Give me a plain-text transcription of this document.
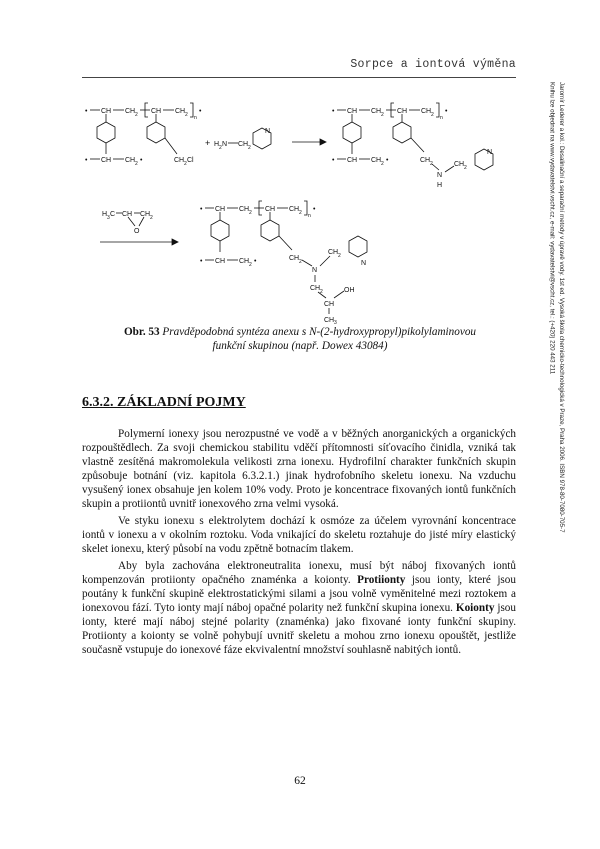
Sorpce a iontová výměna
Jaromír Lederer a kol.: Desalinační a separační metody v úpravě vody. 1st ed. Vysoká škola chemicko-technologická v Praze, Praha 2006. ISBN 978-80-7080-705-7
Knihu lze objednat na www.vydavatelstvi.vscht.cz, e-mail: vydavatelstvi@vscht.cz, tel.: (+420) 220 443 211
• CH CH 2 CH CH 2 n
•
CH 2 Cl
• CH CH 2 •
+ H 2 N CH 2
N
• CH CH 2 CH CH 2 n
•
CH 2
N
H
CH 2
N
• CH CH 2 •
H 3 C CH CH 2
O
• CH CH 2 CH CH 2 n
•
CH 2
N
CH 2
N
CH 2
CH
OH
CH 3
• CH CH 2 •
Obr. 53 Pravděpodobná syntéza anexu s N-(2-hydroxypropyl)pikolylaminovou
funkční skupinou (např. Dowex 43084)
6.3.2. ZÁKLADNÍ POJMY

Polymerní ionexy jsou nerozpustné ve vodě a v běžných anorganických a organických rozpouštědlech. Za svoji chemickou stabilitu vděčí přítomnosti síťovacího činidla, vzniká tak vlastně zesítěná makromolekula velikosti zrna ionexu. Hydrofilní charakter funkčních skupin způsobuje botnání (viz. kapitola 6.3.2.1.) jinak hydrofobního skeletu ionexu. Na vzduchu vysušený ionex obsahuje jen kolem 10% vody. Proto je koncentrace fixovaných iontů funkčních skupin a protiiontů uvnitř ionexového zrna velmi vysoká.

Ve styku ionexu s elektrolytem dochází k osmóze za účelem vyrovnání koncentrace iontů v ionexu a v okolním roztoku. Voda vnikající do skeletu roztahuje do jisté míry elastický skelet ionexu, který působí na vodu zpětně botnacím tlakem.

Aby byla zachována elektroneutralita ionexu, musí být náboj fixovaných iontů kompenzován protiionty opačného znaménka a koionty. Protiionty jsou ionty, které jsou poutány k funkční skupině elektrostatickými silami a jsou volně vyměnitelné mezi roztokem a ionexovou fází. Tyto ionty mají náboj opačné polarity než funkční skupina ionexu. Koionty jsou ionty, které mají náboj stejné polarity (znaménka) jako fixované ionty funkční skupiny. Protiionty a koionty se volně pohybují uvnitř skeletu a mohou zrno ionexu opouštět, jestliže současně vstupuje do ionexové fáze ekvivalentní množství souhlasně nabitých iontů.

62
